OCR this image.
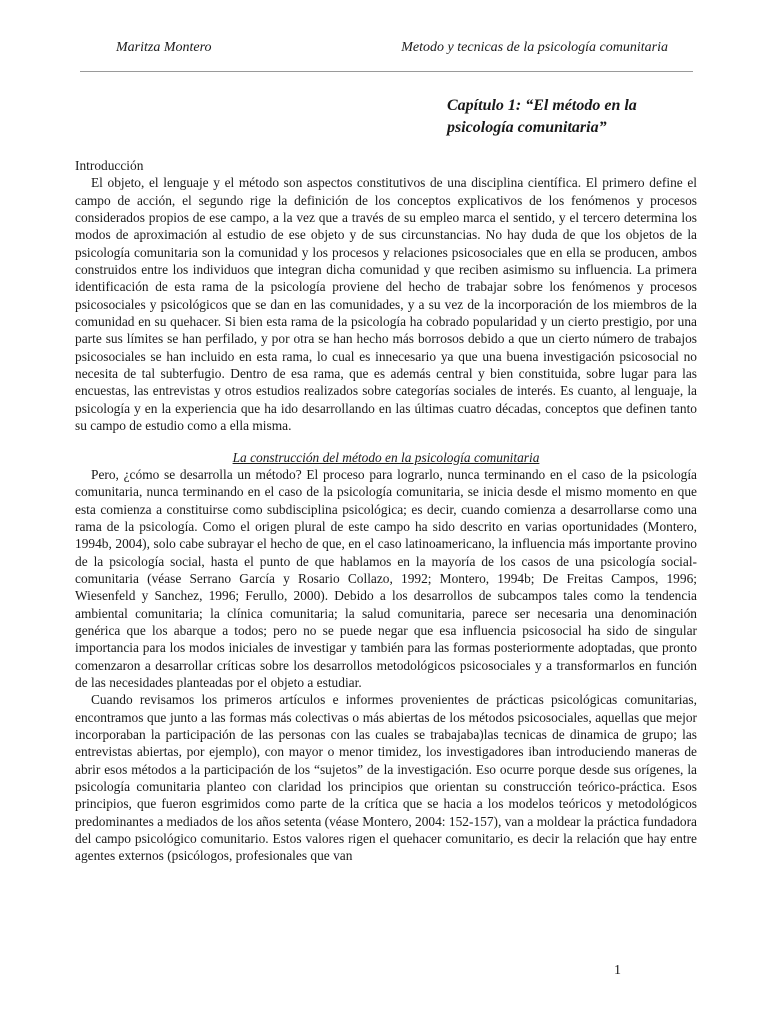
Maritza Montero	Metodo y tecnicas de la psicología comunitaria
Capítulo 1: “El método en la psicología comunitaria”
Introducción

El objeto, el lenguaje y el método son aspectos constitutivos de una disciplina científica. El primero define el campo de acción, el segundo rige la definición de los conceptos explicativos de los fenómenos y procesos considerados propios de ese campo, a la vez que a través de su empleo marca el sentido, y el tercero determina los modos de aproximación al estudio de ese objeto y de sus circunstancias. No hay duda de que los objetos de la psicología comunitaria son la comunidad y los procesos y relaciones psicosociales que en ella se producen, ambos construidos entre los individuos que integran dicha comunidad y que reciben asimismo su influencia. La primera identificación de esta rama de la psicología proviene del hecho de trabajar sobre los fenómenos y procesos psicosociales y psicológicos que se dan en las comunidades, y a su vez de la incorporación de los miembros de la comunidad en su quehacer. Si bien esta rama de la psicología ha cobrado popularidad y un cierto prestigio, por una parte sus límites se han perfilado, y por otra se han hecho más borrosos debido a que un cierto número de trabajos psicosociales se han incluido en esta rama, lo cual es innecesario ya que una buena investigación psicosocial no necesita de tal subterfugio. Dentro de esa rama, que es además central y bien constituida, sobre lugar para las encuestas, las entrevistas y otros estudios realizados sobre categorías sociales de interés. Es cuanto, al lenguaje, la psicología y en la experiencia que ha ido desarrollando en las últimas cuatro décadas, conceptos que definen tanto su campo de estudio como a ella misma.

La construcción del método en la psicología comunitaria

Pero, ¿cómo se desarrolla un método? El proceso para lograrlo, nunca terminando en el caso de la psicología comunitaria, nunca terminando en el caso de la psicología comunitaria, se inicia desde el mismo momento en que esta comienza a constituirse como subdisciplina psicológica; es decir, cuando comienza a desarrollarse como una rama de la psicología. Como el origen plural de este campo ha sido descrito en varias oportunidades (Montero, 1994b, 2004), solo cabe subrayar el hecho de que, en el caso latinoamericano, la influencia más importante provino de la psicología social, hasta el punto de que hablamos en la mayoría de los casos de una psicología social-comunitaria (véase Serrano García y Rosario Collazo, 1992; Montero, 1994b; De Freitas Campos, 1996; Wiesenfeld y Sanchez, 1996; Ferullo, 2000). Debido a los desarrollos de subcampos tales como la tendencia ambiental comunitaria; la clínica comunitaria; la salud comunitaria, parece ser necesaria una denominación genérica que los abarque a todos; pero no se puede negar que esa influencia psicosocial ha sido de singular importancia para los modos iniciales de investigar y también para las formas posteriormente adoptadas, que pronto comenzaron a desarrollar críticas sobre los desarrollos metodológicos psicosociales y a transformarlos en función de las necesidades planteadas por el objeto a estudiar.

Cuando revisamos los primeros artículos e informes provenientes de prácticas psicológicas comunitarias, encontramos que junto a las formas más colectivas o más abiertas de los métodos psicosociales, aquellas que mejor incorporaban la participación de las personas con las cuales se trabajaba)las tecnicas de dinamica de grupo; las entrevistas abiertas, por ejemplo), con mayor o menor timidez, los investigadores iban introduciendo maneras de abrir esos métodos a la participación de los “sujetos” de la investigación. Eso ocurre porque desde sus orígenes, la psicología comunitaria planteo con claridad los principios que orientan su construcción teórico-práctica. Esos principios, que fueron esgrimidos como parte de la crítica que se hacia a los modelos teóricos y metodológicos predominantes a mediados de los años setenta (véase Montero, 2004: 152-157), van a moldear la práctica fundadora del campo psicológico comunitario. Estos valores rigen el quehacer comunitario, es decir la relación que hay entre agentes externos (psicólogos, profesionales que van

1
